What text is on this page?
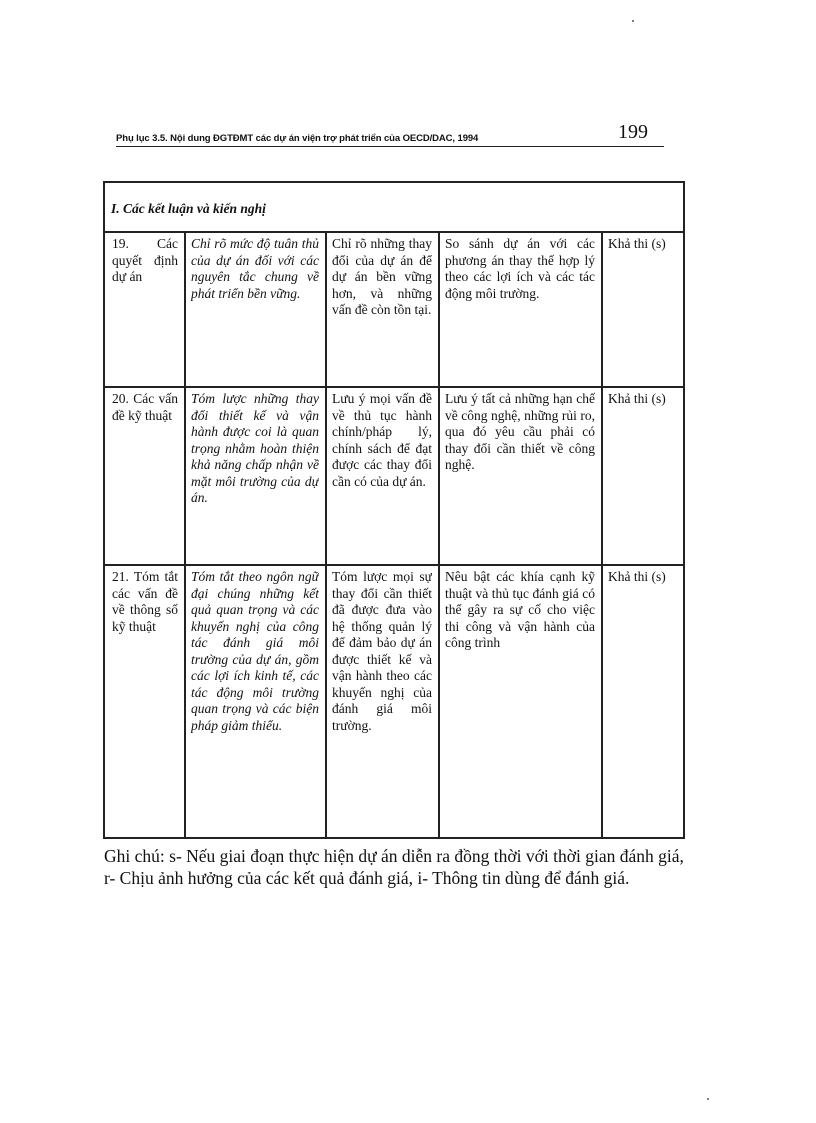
Phụ lục 3.5. Nội dung ĐGTĐMT các dự án viện trợ phát triển của OECD/DAC, 1994	199
I. Các kết luận và kiến nghị

19. Các quyết định dự án

Chỉ rõ mức độ tuân thủ của dự án đối với các nguyên tắc chung về phát triển bền vững.

Chỉ rõ những thay đổi của dự án để dự án bền vững hơn, và những vấn đề còn tồn tại.

So sánh dự án với các phương án thay thế hợp lý theo các lợi ích và các tác động môi trường.

Khả thi (s)

20. Các vấn đề kỹ thuật

Tóm lược những thay đổi thiết kế và vận hành được coi là quan trọng nhằm hoàn thiện khả năng chấp nhận về mặt môi trường của dự án.

Lưu ý mọi vấn đề về thủ tục hành chính/pháp lý, chính sách để đạt được các thay đổi cần có của dự án.

Lưu ý tất cả những hạn chế về công nghệ, những rủi ro, qua đó yêu cầu phải có thay đổi cần thiết về công nghệ.

Khả thi (s)

21. Tóm tắt các vấn đề về thông số kỹ thuật

Tóm tắt theo ngôn ngữ đại chúng những kết quả quan trọng và các khuyến nghị của công tác đánh giá môi trường của dự án, gồm các lợi ích kinh tế, các tác động môi trường quan trọng và các biện pháp giảm thiểu.

Tóm lược mọi sự thay đổi cần thiết đã được đưa vào hệ thống quản lý để đảm bảo dự án được thiết kế và vận hành theo các khuyến nghị của đánh giá môi trường.

Nêu bật các khía cạnh kỹ thuật và thủ tục đánh giá có thể gây ra sự cố cho việc thi công và vận hành của công trình

Khả thi (s)

Ghi chú: s- Nếu giai đoạn thực hiện dự án diễn ra đồng thời với thời gian đánh giá, r- Chịu ảnh hưởng của các kết quả đánh giá, i- Thông tin dùng để đánh giá.
